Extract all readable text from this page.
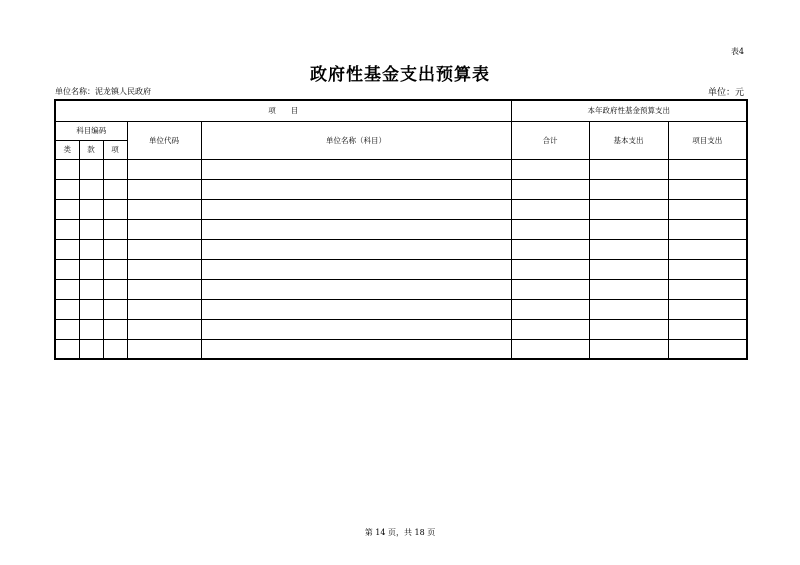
表4
政府性基金支出预算表
单位名称：泥龙镇人民政府	单位：元
项　　目					本年政府性基金预算支出		
科目编码			单位代码	单位名称（科目）	合计	基本支出	项目支出
类	款	项					

第 14 页，共 18 页
